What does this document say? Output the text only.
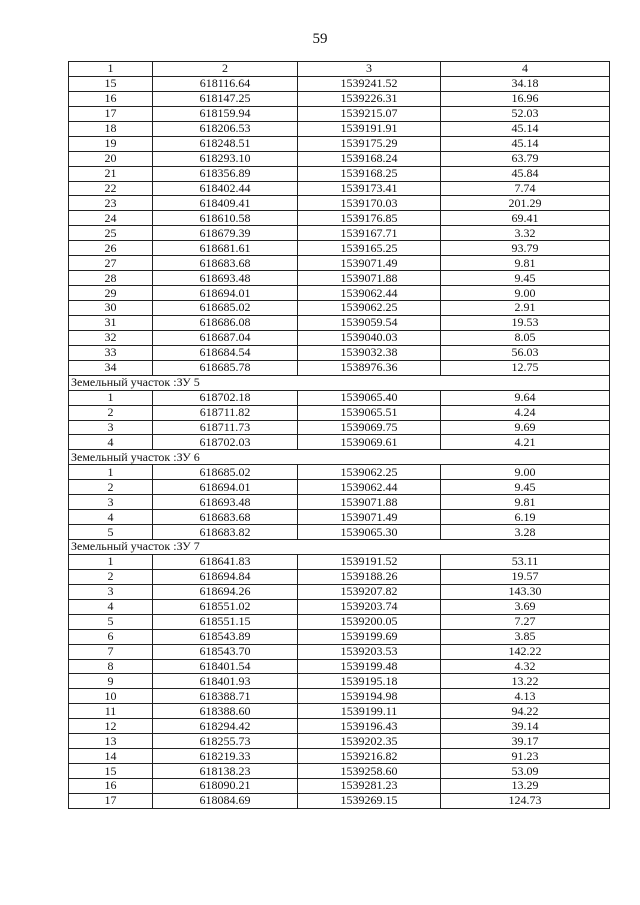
59
1	2	3	4
15	618116.64	1539241.52	34.18
16	618147.25	1539226.31	16.96
17	618159.94	1539215.07	52.03
18	618206.53	1539191.91	45.14
19	618248.51	1539175.29	45.14
20	618293.10	1539168.24	63.79
21	618356.89	1539168.25	45.84
22	618402.44	1539173.41	7.74
23	618409.41	1539170.03	201.29
24	618610.58	1539176.85	69.41
25	618679.39	1539167.71	3.32
26	618681.61	1539165.25	93.79
27	618683.68	1539071.49	9.81
28	618693.48	1539071.88	9.45
29	618694.01	1539062.44	9.00
30	618685.02	1539062.25	2.91
31	618686.08	1539059.54	19.53
32	618687.04	1539040.03	8.05
33	618684.54	1539032.38	56.03
34	618685.78	1538976.36	12.75
Земельный участок :ЗУ 5			
1	618702.18	1539065.40	9.64
2	618711.82	1539065.51	4.24
3	618711.73	1539069.75	9.69
4	618702.03	1539069.61	4.21
Земельный участок :ЗУ 6			
1	618685.02	1539062.25	9.00
2	618694.01	1539062.44	9.45
3	618693.48	1539071.88	9.81
4	618683.68	1539071.49	6.19
5	618683.82	1539065.30	3.28
Земельный участок :ЗУ 7			
1	618641.83	1539191.52	53.11
2	618694.84	1539188.26	19.57
3	618694.26	1539207.82	143.30
4	618551.02	1539203.74	3.69
5	618551.15	1539200.05	7.27
6	618543.89	1539199.69	3.85
7	618543.70	1539203.53	142.22
8	618401.54	1539199.48	4.32
9	618401.93	1539195.18	13.22
10	618388.71	1539194.98	4.13
11	618388.60	1539199.11	94.22
12	618294.42	1539196.43	39.14
13	618255.73	1539202.35	39.17
14	618219.33	1539216.82	91.23
15	618138.23	1539258.60	53.09
16	618090.21	1539281.23	13.29
17	618084.69	1539269.15	124.73
